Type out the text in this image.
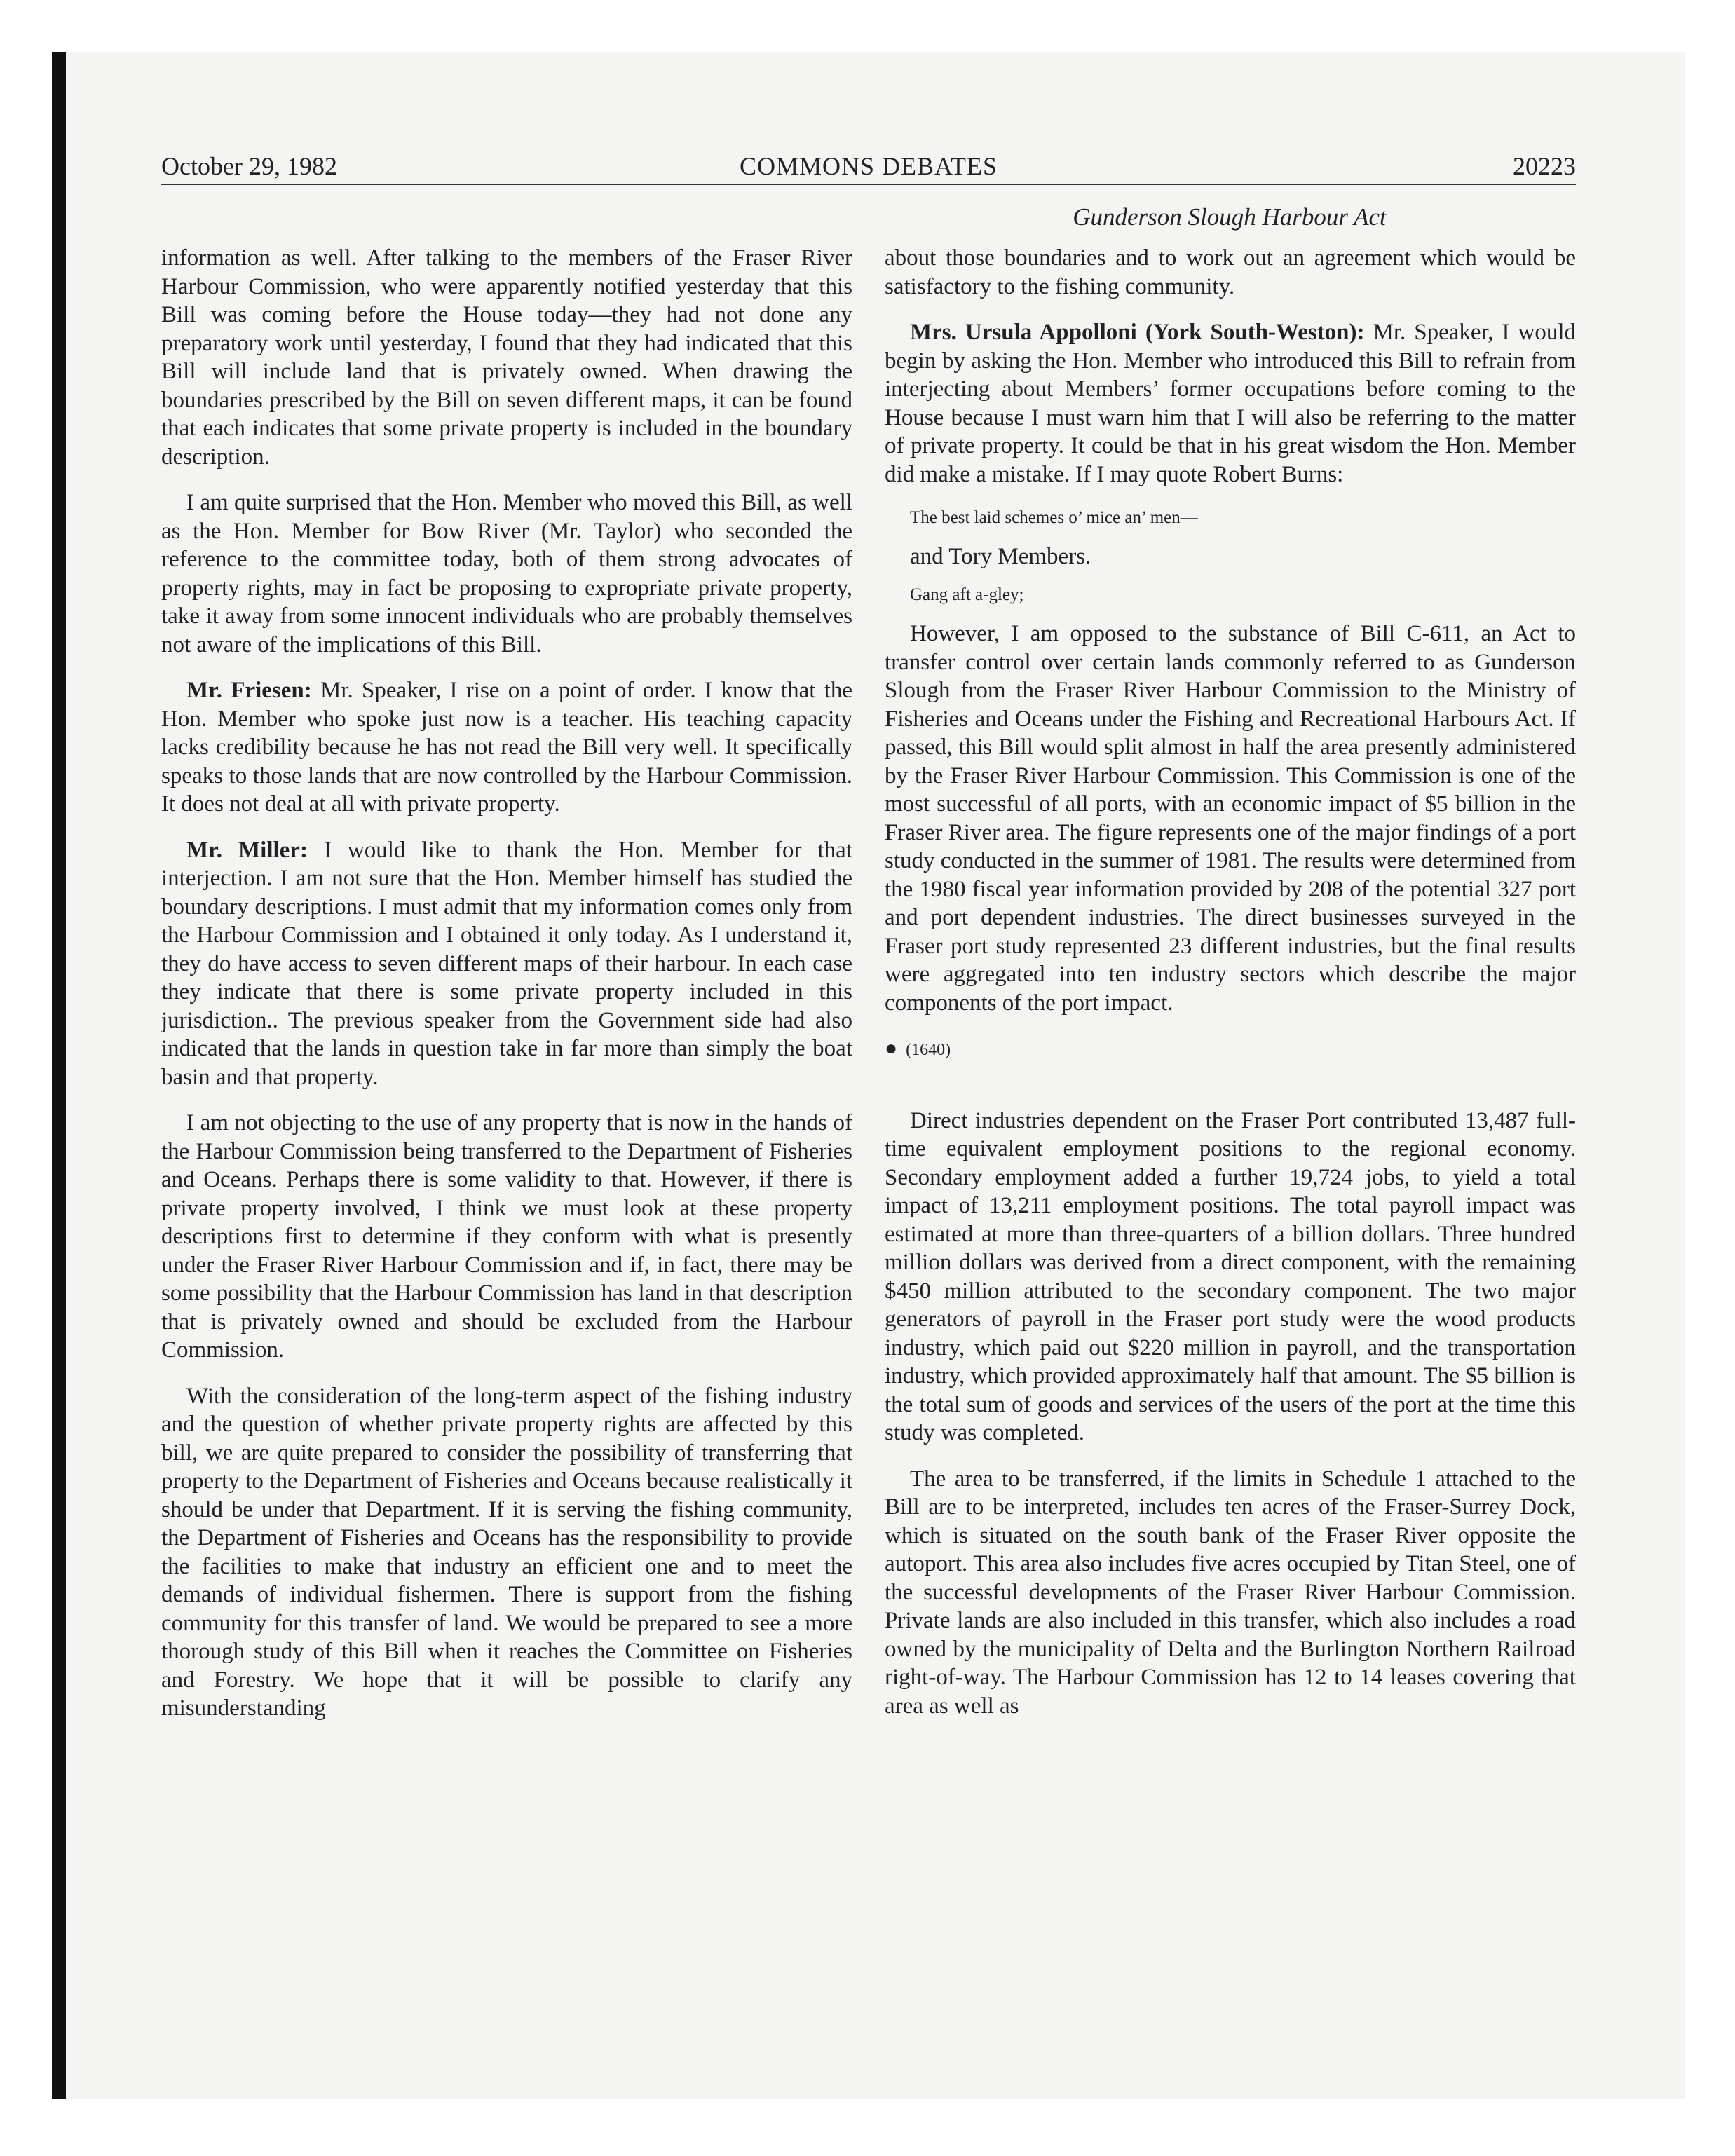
October 29, 1982	COMMONS DEBATES	20223
Gunderson Slough Harbour Act

information as well. After talking to the members of the Fraser River Harbour Commission, who were apparently notified yesterday that this Bill was coming before the House today—they had not done any preparatory work until yesterday, I found that they had indicated that this Bill will include land that is privately owned. When drawing the boundaries prescribed by the Bill on seven different maps, it can be found that each indicates that some private property is included in the boundary description.

I am quite surprised that the Hon. Member who moved this Bill, as well as the Hon. Member for Bow River (Mr. Taylor) who seconded the reference to the committee today, both of them strong advocates of property rights, may in fact be proposing to expropriate private property, take it away from some innocent individuals who are probably themselves not aware of the implications of this Bill.

Mr. Friesen: Mr. Speaker, I rise on a point of order. I know that the Hon. Member who spoke just now is a teacher. His teaching capacity lacks credibility because he has not read the Bill very well. It specifically speaks to those lands that are now controlled by the Harbour Commission. It does not deal at all with private property.

Mr. Miller: I would like to thank the Hon. Member for that interjection. I am not sure that the Hon. Member himself has studied the boundary descriptions. I must admit that my information comes only from the Harbour Commission and I obtained it only today. As I understand it, they do have access to seven different maps of their harbour. In each case they indicate that there is some private property included in this jurisdiction.. The previous speaker from the Government side had also indicated that the lands in question take in far more than simply the boat basin and that property.

I am not objecting to the use of any property that is now in the hands of the Harbour Commission being transferred to the Department of Fisheries and Oceans. Perhaps there is some validity to that. However, if there is private property involved, I think we must look at these property descriptions first to determine if they conform with what is presently under the Fraser River Harbour Commission and if, in fact, there may be some possibility that the Harbour Commission has land in that description that is privately owned and should be excluded from the Harbour Commission.

With the consideration of the long-term aspect of the fishing industry and the question of whether private property rights are affected by this bill, we are quite prepared to consider the possibility of transferring that property to the Department of Fisheries and Oceans because realistically it should be under that Department. If it is serving the fishing community, the Department of Fisheries and Oceans has the responsibility to provide the facilities to make that industry an efficient one and to meet the demands of individual fishermen. There is support from the fishing community for this transfer of land. We would be prepared to see a more thorough study of this Bill when it reaches the Committee on Fisheries and Forestry. We hope that it will be possible to clarify any misunderstanding

about those boundaries and to work out an agreement which would be satisfactory to the fishing community.

Mrs. Ursula Appolloni (York South-Weston): Mr. Speaker, I would begin by asking the Hon. Member who introduced this Bill to refrain from interjecting about Members’ former occupations before coming to the House because I must warn him that I will also be referring to the matter of private property. It could be that in his great wisdom the Hon. Member did make a mistake. If I may quote Robert Burns:

The best laid schemes o’ mice an’ men—
and Tory Members.
Gang aft a-gley;

However, I am opposed to the substance of Bill C-611, an Act to transfer control over certain lands commonly referred to as Gunderson Slough from the Fraser River Harbour Commission to the Ministry of Fisheries and Oceans under the Fishing and Recreational Harbours Act. If passed, this Bill would split almost in half the area presently administered by the Fraser River Harbour Commission. This Commission is one of the most successful of all ports, with an economic impact of $5 billion in the Fraser River area. The figure represents one of the major findings of a port study conducted in the summer of 1981. The results were determined from the 1980 fiscal year information provided by 208 of the potential 327 port and port dependent industries. The direct businesses surveyed in the Fraser port study represented 23 different industries, but the final results were aggregated into ten industry sectors which describe the major components of the port impact.

● (1640)

Direct industries dependent on the Fraser Port contributed 13,487 full-time equivalent employment positions to the regional economy. Secondary employment added a further 19,724 jobs, to yield a total impact of 13,211 employment positions. The total payroll impact was estimated at more than three-quarters of a billion dollars. Three hundred million dollars was derived from a direct component, with the remaining $450 million attributed to the secondary component. The two major generators of payroll in the Fraser port study were the wood products industry, which paid out $220 million in payroll, and the transportation industry, which provided approximately half that amount. The $5 billion is the total sum of goods and services of the users of the port at the time this study was completed.

The area to be transferred, if the limits in Schedule 1 attached to the Bill are to be interpreted, includes ten acres of the Fraser-Surrey Dock, which is situated on the south bank of the Fraser River opposite the autoport. This area also includes five acres occupied by Titan Steel, one of the successful developments of the Fraser River Harbour Commission. Private lands are also included in this transfer, which also includes a road owned by the municipality of Delta and the Burlington Northern Railroad right-of-way. The Harbour Commission has 12 to 14 leases covering that area as well as
